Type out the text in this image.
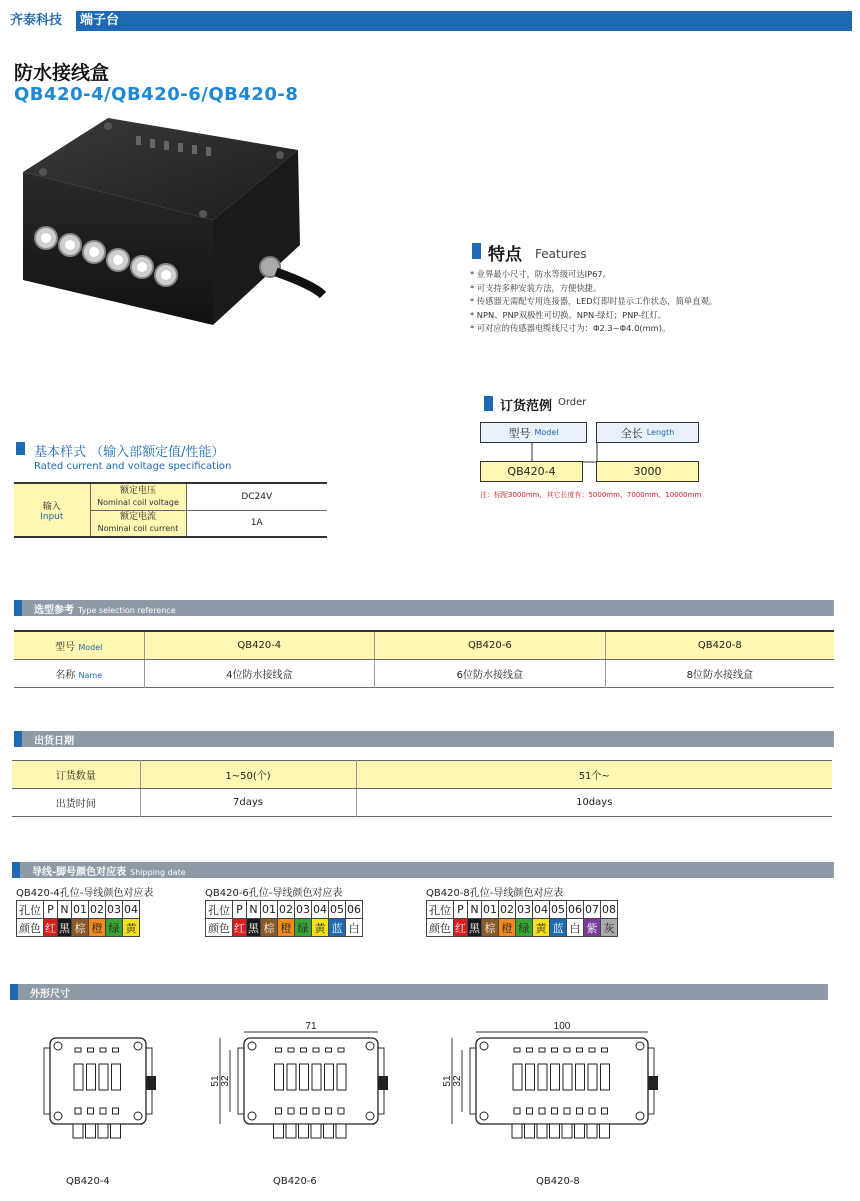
齐泰科技	端子台
防水接线盒
QB420-4/QB420-6/QB420-8
特点 Features
* 业界最小尺寸，防水等级可达IP67。
* 可支持多种安装方法，方便快捷。
* 传感器无需配专用连接器，LED灯即时显示工作状态，简单直观。
* NPN、PNP双极性可切换。NPN-绿灯；PNP-红灯。
* 可对应的传感器电缆线尺寸为：Φ2.3~Φ4.0(mm)。
订货范例 Order
型号 Model	全长 Length
QB420-4	3000
注：标配3000mm，其它长度有：5000mm、7000mm、10000mm
基本样式 （输入部额定值/性能）
Rated current and voltage specification
输入
Input	额定电压
Nominal coil voltage	DC24V
	额定电流
Nominal coil current	1A
选型参考 Type selection reference
型号 Model	QB420-4	QB420-6	QB420-8
名称 Name	4位防水接线盒	6位防水接线盒	8位防水接线盒
出货日期
订货数量	1~50(个)	51个~
出货时间	7days	10days
导线-脚号颜色对应表 Shipping date
QB420-4孔位-导线颜色对应表	QB420-6孔位-导线颜色对应表	QB420-8孔位-导线颜色对应表
孔位	P	N	01	02	03	04
颜色	红	黑	棕	橙	绿	黄
孔位	P	N	01	02	03	04	05	06
颜色	红	黑	棕	橙	绿	黄	蓝	白
孔位	P	N	01	02	03	04	05	06	07	08
颜色	红	黑	棕	橙	绿	黄	蓝	白	紫	灰
外形尺寸
71
51 32
100
51 32
QB420-4	QB420-6	QB420-8
